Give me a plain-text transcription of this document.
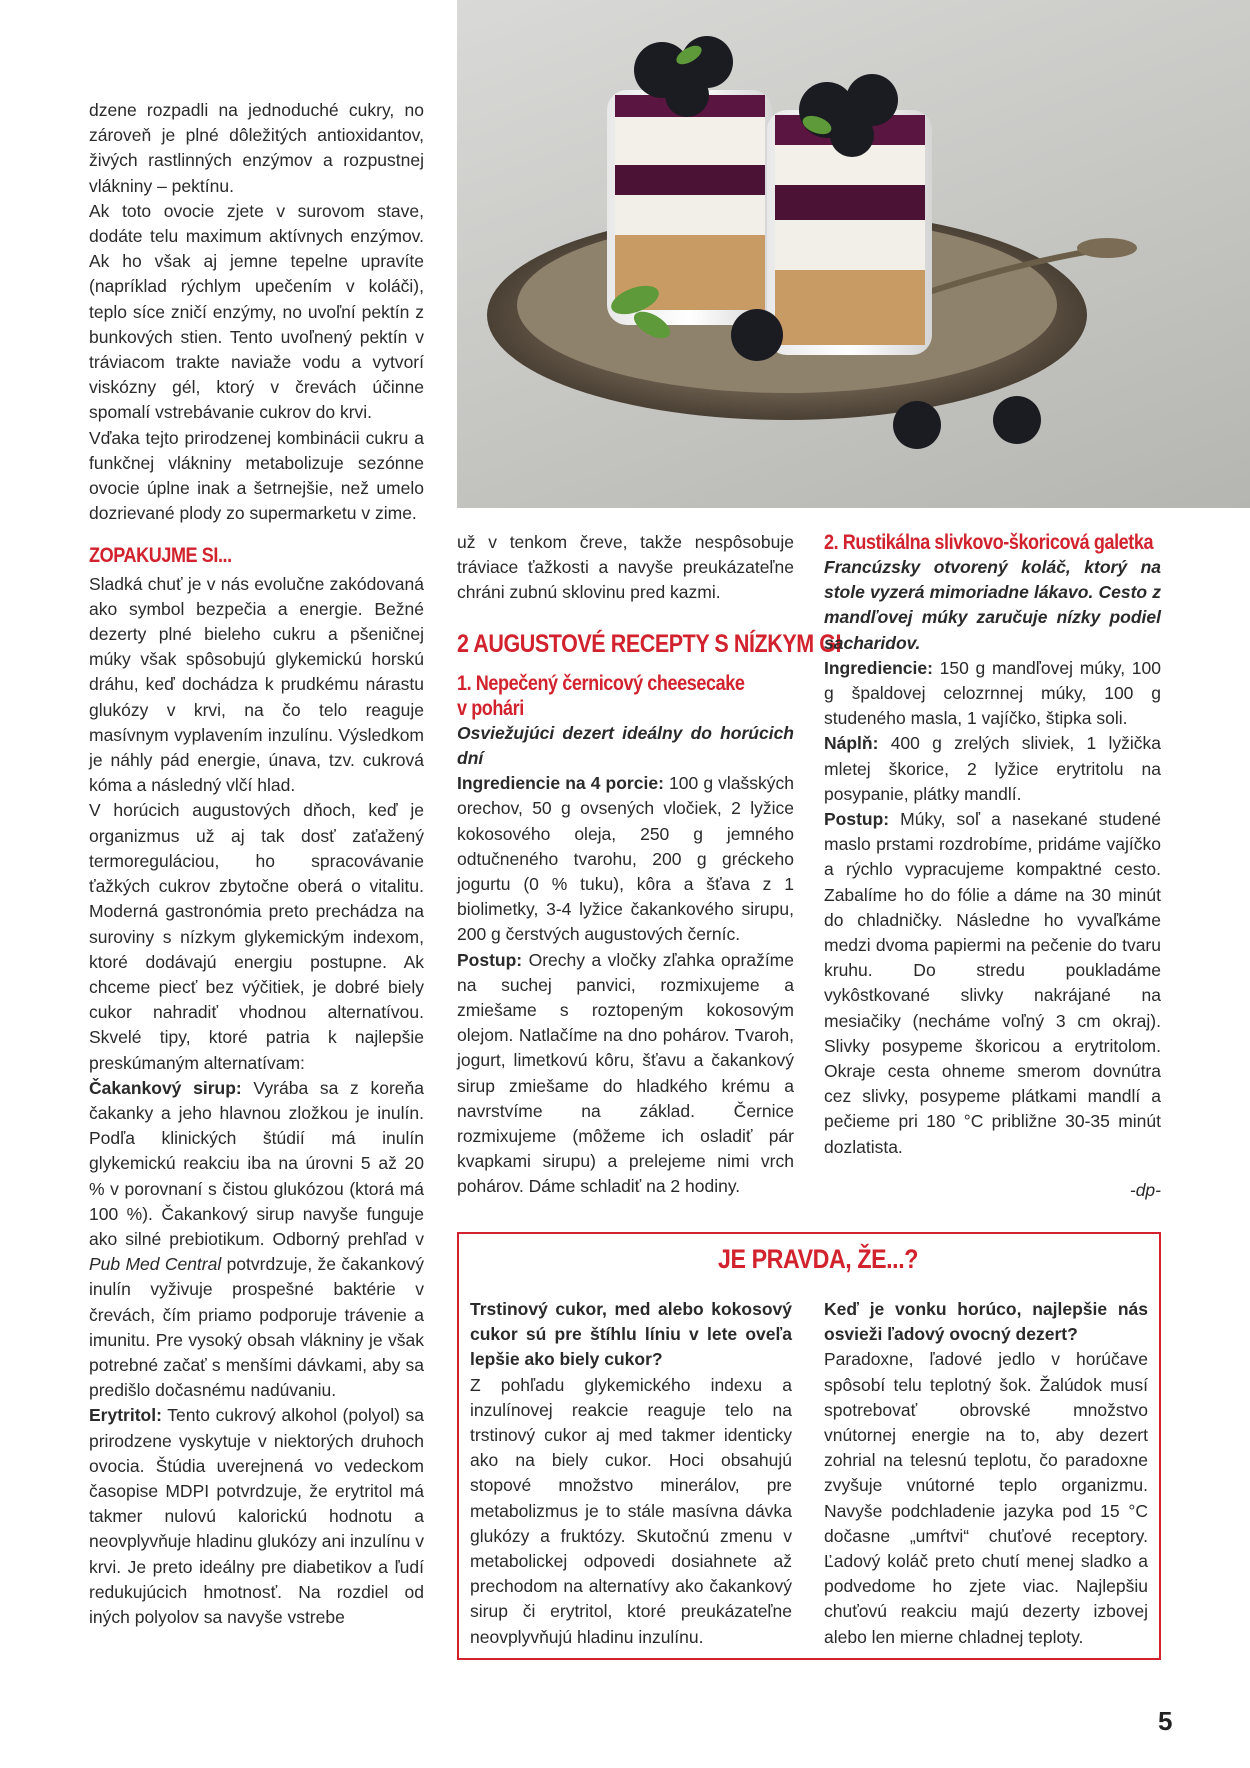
dzene rozpadli na jednoduché cukry, no zároveň je plné dôležitých antioxidantov, živých rastlinných enzýmov a rozpustnej vlákniny – pektínu.

Ak toto ovocie zjete v surovom stave, dodáte telu maximum aktívnych enzýmov. Ak ho však aj jemne tepelne upravíte (napríklad rýchlym upečením v koláči), teplo síce zničí enzýmy, no uvoľní pektín z bunkových stien. Tento uvoľnený pektín v tráviacom trakte naviaže vodu a vytvorí viskózny gél, ktorý v črevách účinne spomalí vstrebávanie cukrov do krvi.

Vďaka tejto prirodzenej kombinácii cukru a funkčnej vlákniny metabolizuje sezónne ovocie úplne inak a šetrnejšie, než umelo dozrievané plody zo supermarketu v zime.

ZOPAKUJME SI...

Sladká chuť je v nás evolučne zakódovaná ako symbol bezpečia a energie. Bežné dezerty plné bieleho cukru a pšeničnej múky však spôsobujú glykemickú horskú dráhu, keď dochádza k prudkému nárastu glukózy v krvi, na čo telo reaguje masívnym vyplavením inzulínu. Výsledkom je náhly pád energie, únava, tzv. cukrová kóma a následný vlčí hlad.

V horúcich augustových dňoch, keď je organizmus už aj tak dosť zaťažený termoreguláciou, ho spracovávanie ťažkých cukrov zbytočne oberá o vitalitu. Moderná gastronómia preto prechádza na suroviny s nízkym glykemickým indexom, ktoré dodávajú energiu postupne. Ak chceme piecť bez výčitiek, je dobré biely cukor nahradiť vhodnou alternatívou. Skvelé tipy, ktoré patria k najlepšie preskúmaným alternatívam:

Čakankový sirup: Vyrába sa z koreňa čakanky a jeho hlavnou zložkou je inulín. Podľa klinických štúdií má inulín glykemickú reakciu iba na úrovni 5 až 20 % v porovnaní s čistou glukózou (ktorá má 100 %). Čakankový sirup navyše funguje ako silné prebiotikum. Odborný prehľad v Pub Med Central potvrdzuje, že čakankový inulín vyživuje prospešné baktérie v črevách, čím priamo podporuje trávenie a imunitu. Pre vysoký obsah vlákniny je však potrebné začať s menšími dávkami, aby sa predišlo dočasnému nadúvaniu.

Erytritol: Tento cukrový alkohol (polyol) sa prirodzene vyskytuje v niektorých druhoch ovocia. Štúdia uverejnená vo vedeckom časopise MDPI potvrdzuje, že erytritol má takmer nulovú kalorickú hodnotu a neovplyvňuje hladinu glukózy ani inzulínu v krvi. Je preto ideálny pre diabetikov a ľudí redukujúcich hmotnosť. Na rozdiel od iných polyolov sa navyše vstrebe

už v tenkom čreve, takže nespôsobuje tráviace ťažkosti a navyše preukázateľne chráni zubnú sklovinu pred kazmi.

2 AUGUSTOVÉ RECEPTY S NÍZKYM GI
1. Nepečený černicový cheesecake
v pohári

Osviežujúci dezert ideálny do horúcich dní

Ingrediencie na 4 porcie: 100 g vlašských orechov, 50 g ovsených vločiek, 2 lyžice kokosového oleja, 250 g jemného odtučneného tvarohu, 200 g gréckeho jogurtu (0 % tuku), kôra a šťava z 1 biolimetky, 3-4 lyžice čakankového sirupu, 200 g čerstvých augustových černíc.

Postup: Orechy a vločky zľahka opražíme na suchej panvici, rozmixujeme a zmiešame s roztopeným kokosovým olejom. Natlačíme na dno pohárov. Tvaroh, jogurt, limetkovú kôru, šťavu a čakankový sirup zmiešame do hladkého krému a navrstvíme na základ. Černice rozmixujeme (môžeme ich osladiť pár kvapkami sirupu) a prelejeme nimi vrch pohárov. Dáme schladiť na 2 hodiny.

2. Rustikálna slivkovo-škoricová galetka

Francúzsky otvorený koláč, ktorý na stole vyzerá mimoriadne lákavo. Cesto z mandľovej múky zaručuje nízky podiel sacharidov.

Ingrediencie: 150 g mandľovej múky, 100 g špaldovej celozrnnej múky, 100 g studeného masla, 1 vajíčko, štipka soli.

Náplň: 400 g zrelých sliviek, 1 lyžička mletej škorice, 2 lyžice erytritolu na posypanie, plátky mandlí.

Postup: Múky, soľ a nasekané studené maslo prstami rozdrobíme, pridáme vajíčko a rýchlo vypracujeme kompaktné cesto. Zabalíme ho do fólie a dáme na 30 minút do chladničky. Následne ho vyvaľkáme medzi dvoma papiermi na pečenie do tvaru kruhu. Do stredu poukladáme vykôstkované slivky nakrájané na mesiačiky (necháme voľný 3 cm okraj). Slivky posypeme škoricou a erytritolom. Okraje cesta ohneme smerom dovnútra cez slivky, posypeme plátkami mandlí a pečieme pri 180 °C približne 30-35 minút dozlatista.

-dp-

JE PRAVDA, ŽE...?

Trstinový cukor, med alebo kokosový cukor sú pre štíhlu líniu v lete oveľa lepšie ako biely cukor?

Z pohľadu glykemického indexu a inzulínovej reakcie reaguje telo na trstinový cukor aj med takmer identicky ako na biely cukor. Hoci obsahujú stopové množstvo minerálov, pre metabolizmus je to stále masívna dávka glukózy a fruktózy. Skutočnú zmenu v metabolickej odpovedi dosiahnete až prechodom na alternatívy ako čakankový sirup či erytritol, ktoré preukázateľne neovplyvňujú hladinu inzulínu.

Keď je vonku horúco, najlepšie nás osvieži ľadový ovocný dezert?

Paradoxne, ľadové jedlo v horúčave spôsobí telu teplotný šok. Žalúdok musí spotrebovať obrovské množstvo vnútornej energie na to, aby dezert zohrial na telesnú teplotu, čo paradoxne zvyšuje vnútorné teplo organizmu. Navyše podchladenie jazyka pod 15 °C dočasne „umŕtvi“ chuťové receptory. Ľadový koláč preto chutí menej sladko a podvedome ho zjete viac. Najlepšiu chuťovú reakciu majú dezerty izbovej alebo len mierne chladnej teploty.

5
